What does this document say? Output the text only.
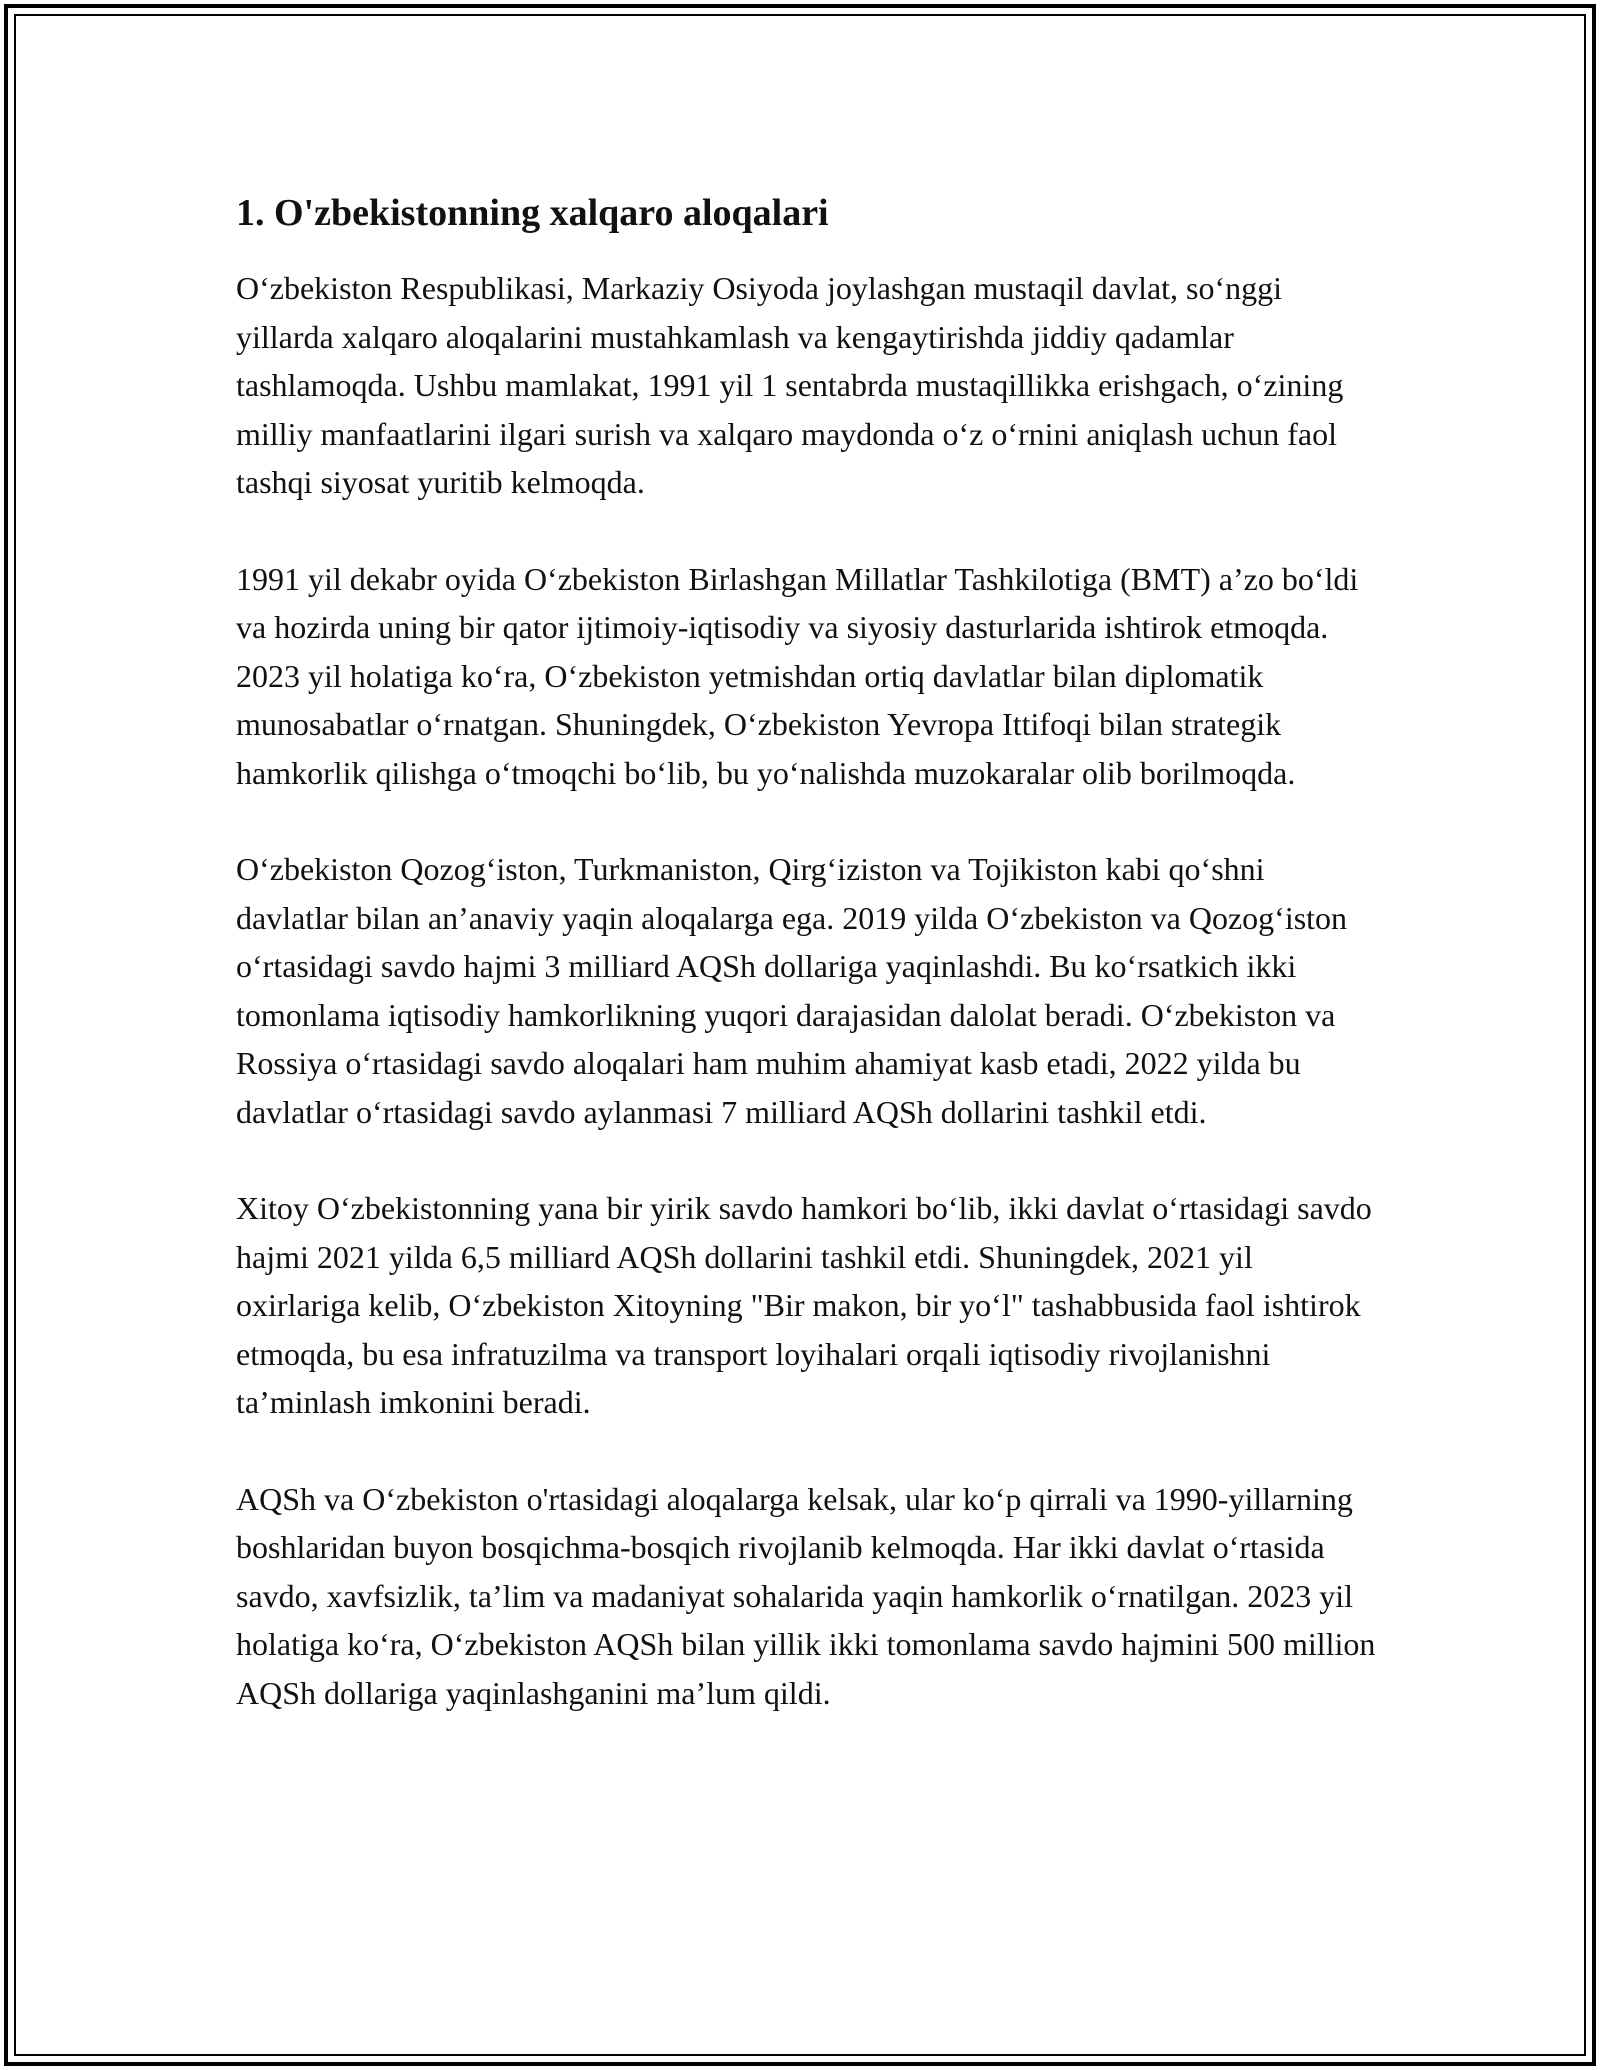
1. O'zbekistonning xalqaro aloqalari

O‘zbekiston Respublikasi, Markaziy Osiyoda joylashgan mustaqil davlat, so‘nggi yillarda xalqaro aloqalarini mustahkamlash va kengaytirishda jiddiy qadamlar tashlamoqda. Ushbu mamlakat, 1991 yil 1 sentabrda mustaqillikka erishgach, o‘zining milliy manfaatlarini ilgari surish va xalqaro maydonda o‘z o‘rnini aniqlash uchun faol tashqi siyosat yuritib kelmoqda.

1991 yil dekabr oyida O‘zbekiston Birlashgan Millatlar Tashkilotiga (BMT) a’zo bo‘ldi va hozirda uning bir qator ijtimoiy-iqtisodiy va siyosiy dasturlarida ishtirok etmoqda. 2023 yil holatiga ko‘ra, O‘zbekiston yetmishdan ortiq davlatlar bilan diplomatik munosabatlar o‘rnatgan. Shuningdek, O‘zbekiston Yevropa Ittifoqi bilan strategik hamkorlik qilishga o‘tmoqchi bo‘lib, bu yo‘nalishda muzokaralar olib borilmoqda.

O‘zbekiston Qozog‘iston, Turkmaniston, Qirg‘iziston va Tojikiston kabi qo‘shni davlatlar bilan an’anaviy yaqin aloqalarga ega. 2019 yilda O‘zbekiston va Qozog‘iston o‘rtasidagi savdo hajmi 3 milliard AQSh dollariga yaqinlashdi. Bu ko‘rsatkich ikki tomonlama iqtisodiy hamkorlikning yuqori darajasidan dalolat beradi. O‘zbekiston va Rossiya o‘rtasidagi savdo aloqalari ham muhim ahamiyat kasb etadi, 2022 yilda bu davlatlar o‘rtasidagi savdo aylanmasi 7 milliard AQSh dollarini tashkil etdi.

Xitoy O‘zbekistonning yana bir yirik savdo hamkori bo‘lib, ikki davlat o‘rtasidagi savdo hajmi 2021 yilda 6,5 milliard AQSh dollarini tashkil etdi. Shuningdek, 2021 yil oxirlariga kelib, O‘zbekiston Xitoyning "Bir makon, bir yo‘l" tashabbusida faol ishtirok etmoqda, bu esa infratuzilma va transport loyihalari orqali iqtisodiy rivojlanishni ta’minlash imkonini beradi.

AQSh va O‘zbekiston o'rtasidagi aloqalarga kelsak, ular ko‘p qirrali va 1990-yillarning boshlaridan buyon bosqichma-bosqich rivojlanib kelmoqda. Har ikki davlat o‘rtasida savdo, xavfsizlik, ta’lim va madaniyat sohalarida yaqin hamkorlik o‘rnatilgan. 2023 yil holatiga ko‘ra, O‘zbekiston AQSh bilan yillik ikki tomonlama savdo hajmini 500 million AQSh dollariga yaqinlashganini ma’lum qildi.
